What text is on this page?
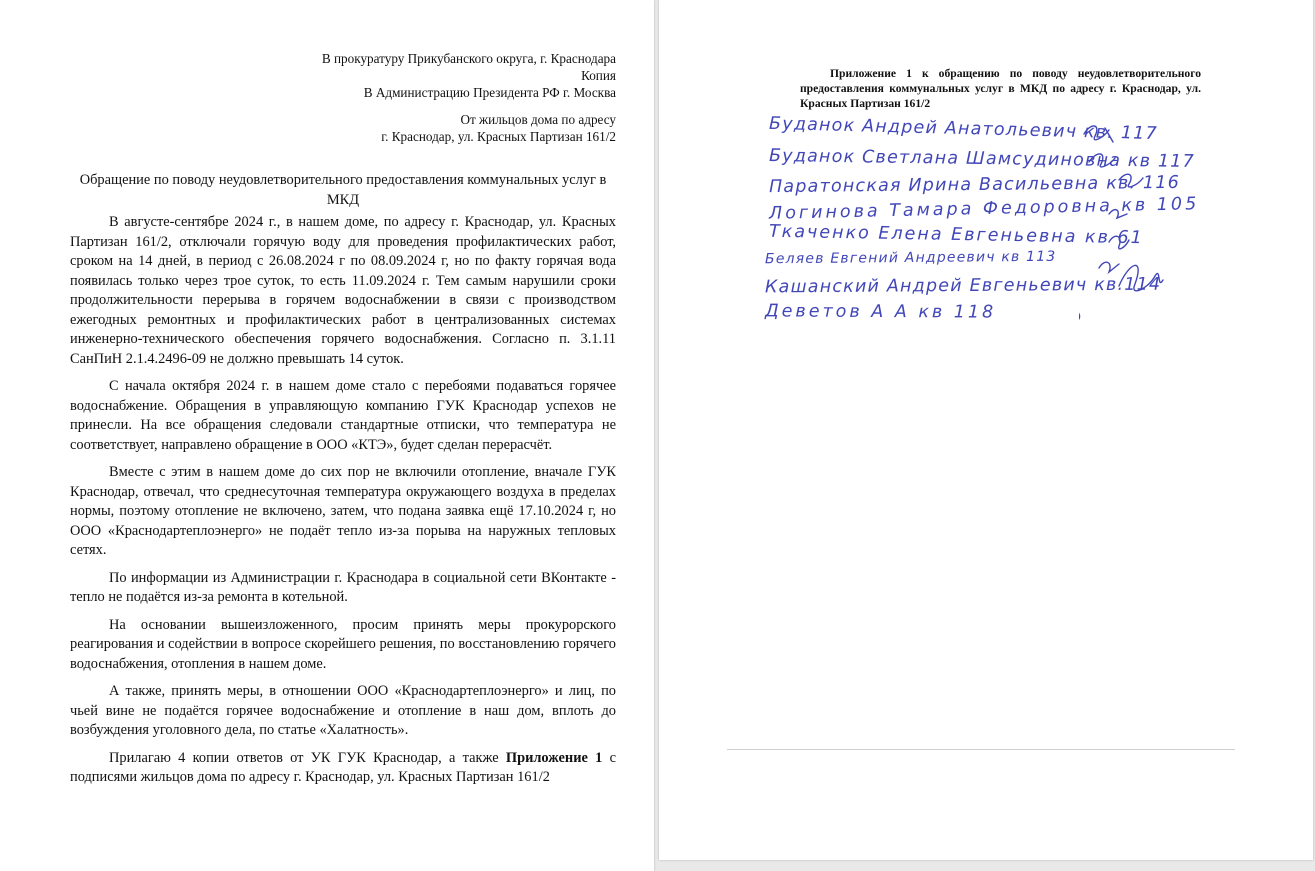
В прокуратуру Прикубанского округа, г. Краснодара
Копия
В Администрацию Президента РФ г. Москва
От жильцов дома по адресу
г. Краснодар, ул. Красных Партизан 161/2
Обращение по поводу неудовлетворительного предоставления коммунальных услуг в МКД

В августе-сентябре 2024 г., в нашем доме, по адресу г. Краснодар, ул. Красных Партизан 161/2, отключали горячую воду для проведения профилактических работ, сроком на 14 дней, в период с 26.08.2024 г по 08.09.2024 г, но по факту горячая вода появилась только через трое суток, то есть 11.09.2024 г. Тем самым нарушили сроки продолжительности перерыва в горячем водоснабжении в связи с производством ежегодных ремонтных и профилактических работ в централизованных системах инженерно-технического обеспечения горячего водоснабжения. Согласно п. 3.1.11 СанПиН 2.1.4.2496-09 не должно превышать 14 суток.

С начала октября 2024 г. в нашем доме стало с перебоями подаваться горячее водоснабжение. Обращения в управляющую компанию ГУК Краснодар успехов не принесли. На все обращения следовали стандартные отписки, что температура не соответствует, направлено обращение в ООО «КТЭ», будет сделан перерасчёт.

Вместе с этим в нашем доме до сих пор не включили отопление, вначале ГУК Краснодар, отвечал, что среднесуточная температура окружающего воздуха в пределах нормы, поэтому отопление не включено, затем, что подана заявка ещё 17.10.2024 г, но ООО «Краснодартеплоэнерго» не подаёт тепло из-за порыва на наружных тепловых сетях.

По информации из Администрации г. Краснодара в социальной сети ВКонтакте - тепло не подаётся из-за ремонта в котельной.

На основании вышеизложенного, просим принять меры прокурорского реагирования и содействии в вопросе скорейшего решения, по восстановлению горячего водоснабжения, отопления в нашем доме.

А также, принять меры, в отношении ООО «Краснодартеплоэнерго» и лиц, по чьей вине не подаётся горячее водоснабжение и отопление в наш дом, вплоть до возбуждения уголовного дела, по статье «Халатность».

Прилагаю 4 копии ответов от УК ГУК Краснодар, а также Приложение 1 с подписями жильцов дома по адресу г. Краснодар, ул. Красных Партизан 161/2

Приложение 1 к обращению по поводу неудовлетворительного предоставления коммунальных услуг в МКД по адресу г. Краснодар, ул. Красных Партизан 161/2
Буданок Андрей Анатольевич кв. 117
Буданок Светлана Шамсудиновна кв 117
Паратонская Ирина Васильевна кв. 116
Логинова Тамара Федоровна кв 105
Ткаченко Елена Евгеньевна кв 61
Беляев Евгений Андреевич кв 113
Кашанский Андрей Евгеньевич кв.114
Деветов А А кв 118
